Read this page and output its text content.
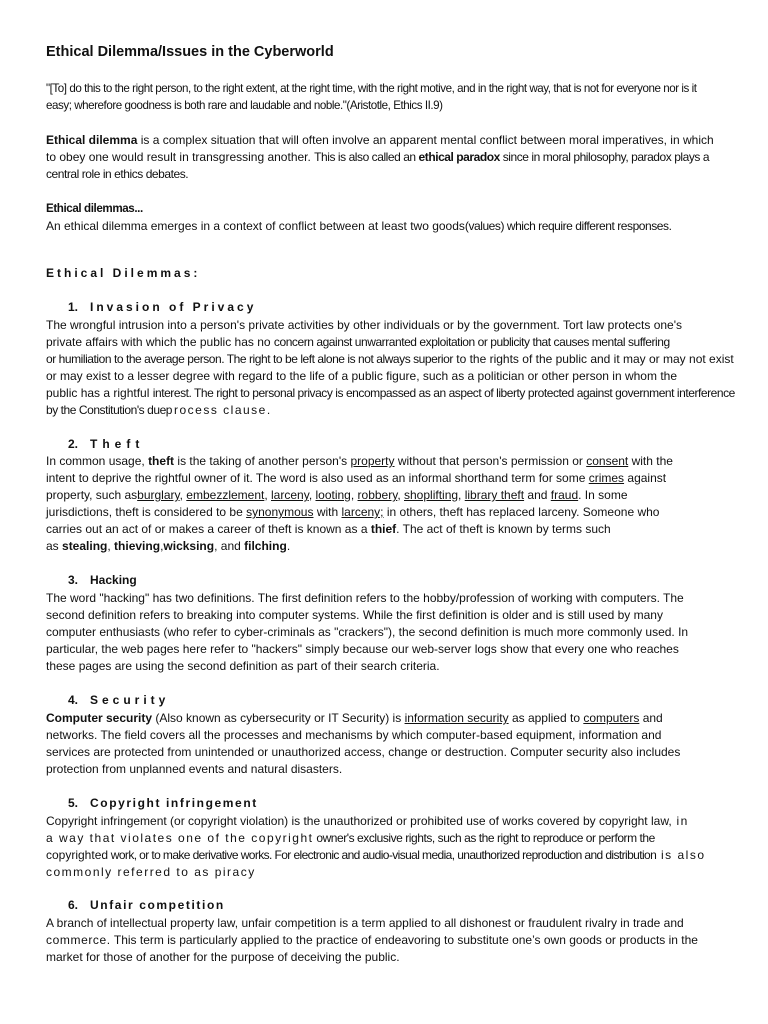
Ethical Dilemma/Issues in the Cyberworld
"[To] do this to the right person, to the right extent, at the right time, with the right motive, and in the right way, that is not for everyone nor is it easy; wherefore goodness is both rare and laudable and noble."(Aristotle, Ethics II.9)
Ethical dilemma is a complex situation that will often involve an apparent mental conflict between moral imperatives, in which to obey one would result in transgressing another. This is also called an ethical paradox since in moral philosophy, paradox plays a central role in ethics debates.
Ethical dilemmas...
An ethical dilemma emerges in a context of conflict between at least two goods(values) which require different responses.
Ethical Dilemmas:
1. Invasion of Privacy
The wrongful intrusion into a person's private activities by other individuals or by the government. Tort law protects one's
private affairs with which the public has no concern against unwarranted exploitation or publicity that causes mental suffering
or humiliation to the average person. The right to be left alone is not always superior to the rights of the public and it may or may not exist
or may exist to a lesser degree with regard to the life of a public figure, such as a politician or other person in whom the
public has a rightful interest. The right to personal privacy is encompassed as an aspect of liberty protected against government interference
by the Constitution's dueprocess clause.
2. Theft
In common usage, theft is the taking of another person's property without that person's permission or consent with the
intent to deprive the rightful owner of it. The word is also used as an informal shorthand term for some crimes against
property, such asburglary, embezzlement, larceny, looting, robbery, shoplifting, library theft and fraud. In some
jurisdictions, theft is considered to be synonymous with larceny; in others, theft has replaced larceny. Someone who
carries out an act of or makes a career of theft is known as a thief. The act of theft is known by terms such
as stealing, thieving,wicksing, and filching.
3. Hacking
The word "hacking" has two definitions. The first definition refers to the hobby/profession of working with computers. The
second definition refers to breaking into computer systems. While the first definition is older and is still used by many
computer enthusiasts (who refer to cyber-criminals as "crackers"), the second definition is much more commonly used. In
particular, the web pages here refer to "hackers" simply because our web-server logs show that every one who reaches
these pages are using the second definition as part of their search criteria.
4. Security
Computer security (Also known as cybersecurity or IT Security) is information security as applied to computers and
networks. The field covers all the processes and mechanisms by which computer-based equipment, information and
services are protected from unintended or unauthorized access, change or destruction. Computer security also includes
protection from unplanned events and natural disasters.
5. Copyright infringement
Copyright infringement (or copyright violation) is the unauthorized or prohibited use of works covered by copyright law, in
a way that violates one of the copyright owner's exclusive rights, such as the right to reproduce or perform the
copyrighted work, or to make derivative works. For electronic and audio-visual media, unauthorized reproduction and distribution is also
commonly referred to as piracy
6. Unfair competition
A branch of intellectual property law, unfair competition is a term applied to all dishonest or fraudulent rivalry in trade and
commerce. This term is particularly applied to the practice of endeavoring to substitute one’s own goods or products in the
market for those of another for the purpose of deceiving the public.
